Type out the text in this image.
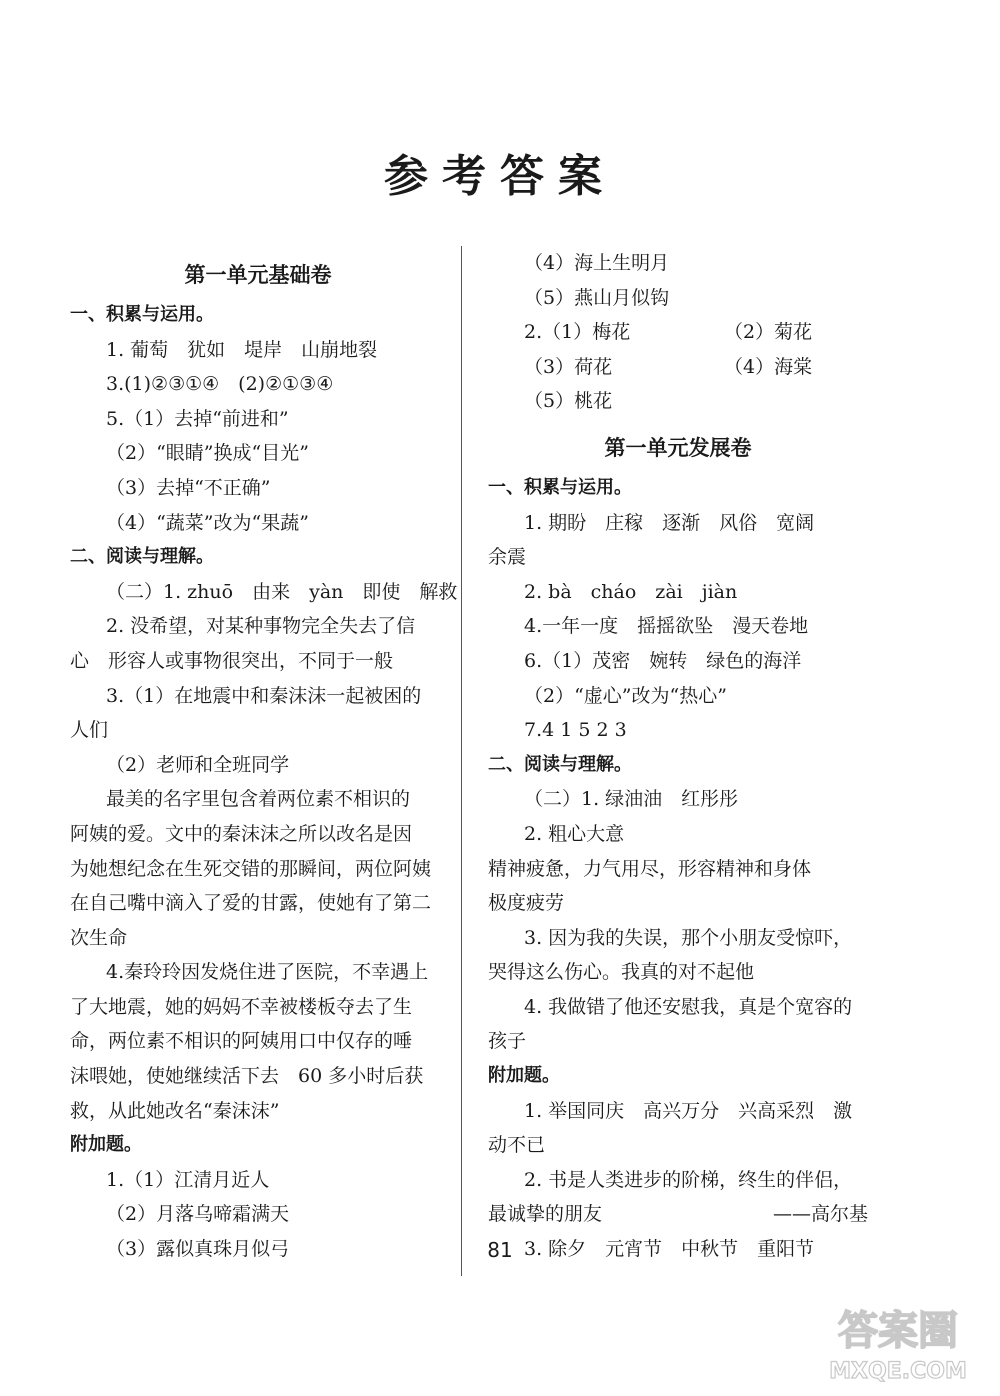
参考答案
第一单元基础卷
一、积累与运用。
1. 葡萄　犹如　堤岸　山崩地裂
3.(1)②③①④　(2)②①③④
5.（1）去掉“前进和”
（2）“眼睛”换成“目光”
（3）去掉“不正确”
（4）“蔬菜”改为“果蔬”
二、阅读与理解。
（二）1. zhuō　由来　yàn　即使　解救
2. 没希望，对某种事物完全失去了信
心　形容人或事物很突出，不同于一般
3.（1）在地震中和秦沫沫一起被困的
人们
（2）老师和全班同学
最美的名字里包含着两位素不相识的
阿姨的爱。文中的秦沫沫之所以改名是因
为她想纪念在生死交错的那瞬间，两位阿姨
在自己嘴中滴入了爱的甘露，使她有了第二
次生命
4.秦玲玲因发烧住进了医院，不幸遇上
了大地震，她的妈妈不幸被楼板夺去了生
命，两位素不相识的阿姨用口中仅存的唾
沫喂她，使她继续活下去　60 多小时后获
救，从此她改名“秦沫沫”
附加题。
1.（1）江清月近人
（2）月落乌啼霜满天
（3）露似真珠月似弓
（4）海上生明月
（5）燕山月似钩
2.（1）梅花	（2）菊花
（3）荷花	（4）海棠
（5）桃花
第一单元发展卷
一、积累与运用。
1. 期盼　庄稼　逐渐　风俗　宽阔
余震
2. bà　cháo　zài　jiàn
4.一年一度　摇摇欲坠　漫天卷地
6.（1）茂密　婉转　绿色的海洋
（2）“虚心”改为“热心”
7.4 1 5 2 3
二、阅读与理解。
（二）1. 绿油油　红彤彤
2. 粗心大意
精神疲惫，力气用尽，形容精神和身体
极度疲劳
3. 因为我的失误，那个小朋友受惊吓，
哭得这么伤心。我真的对不起他
4. 我做错了他还安慰我，真是个宽容的
孩子
附加题。
1. 举国同庆　高兴万分　兴高采烈　激
动不已
2. 书是人类进步的阶梯，终生的伴侣，
最诚挚的朋友	——高尔基
3. 除夕　元宵节　中秋节　重阳节
81
答案圈
MXQE.COM
